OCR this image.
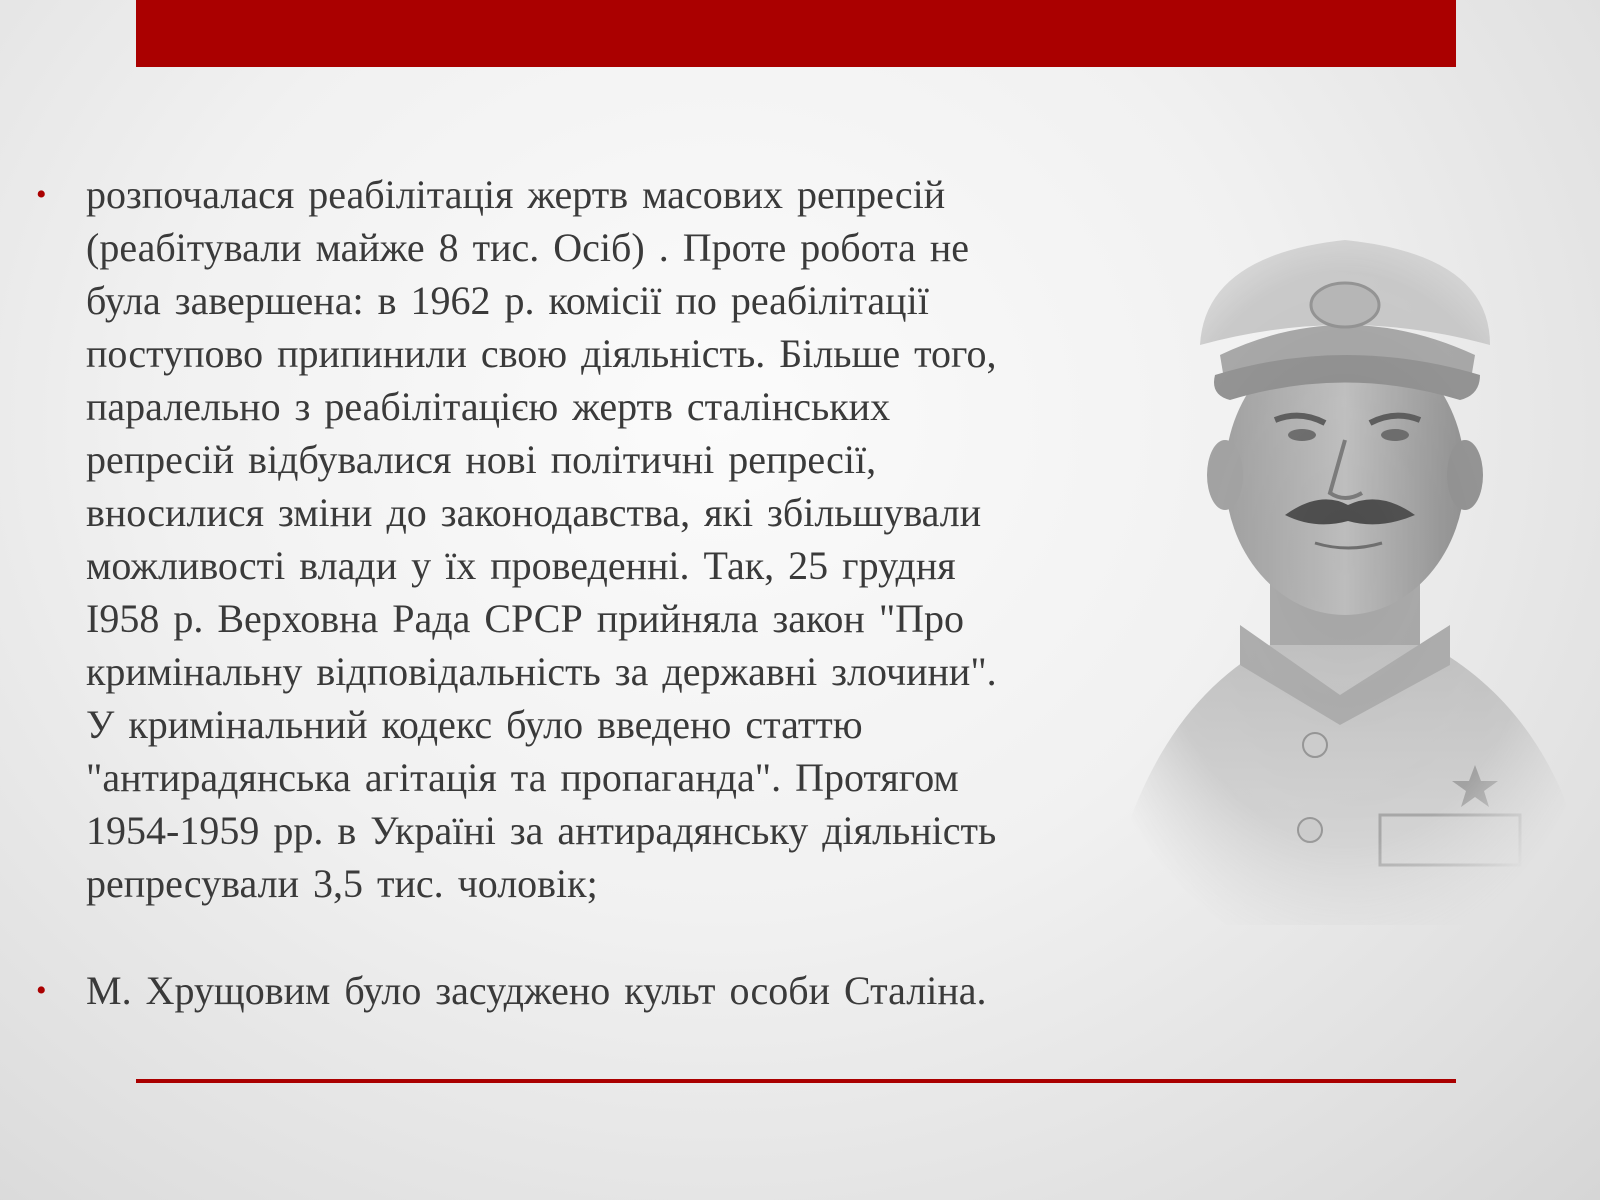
• розпочалася реабілітація жертв масових репресій
(реабітували майже 8 тис. Осіб) . Проте робота не
була завершена: в 1962 р. комісії по реабілітації
поступово припинили свою діяльність. Більше того,
паралельно з реабілітацією жертв сталінських
репресій відбувалися нові політичні репресії,
вносилися зміни до законодавства, які збільшували
можливості влади у їх проведенні. Так, 25 грудня
І958 р. Верховна Рада СРСР прийняла закон "Про
кримінальну відповідальність за державні злочини".
У кримінальний кодекс було введено статтю
"антирадянська агітація та пропаганда". Протягом
1954-1959 рр. в Україні за антирадянську діяльність
репресували 3,5 тис. чоловік;
• М. Хрущовим було засуджено культ особи Сталіна.
